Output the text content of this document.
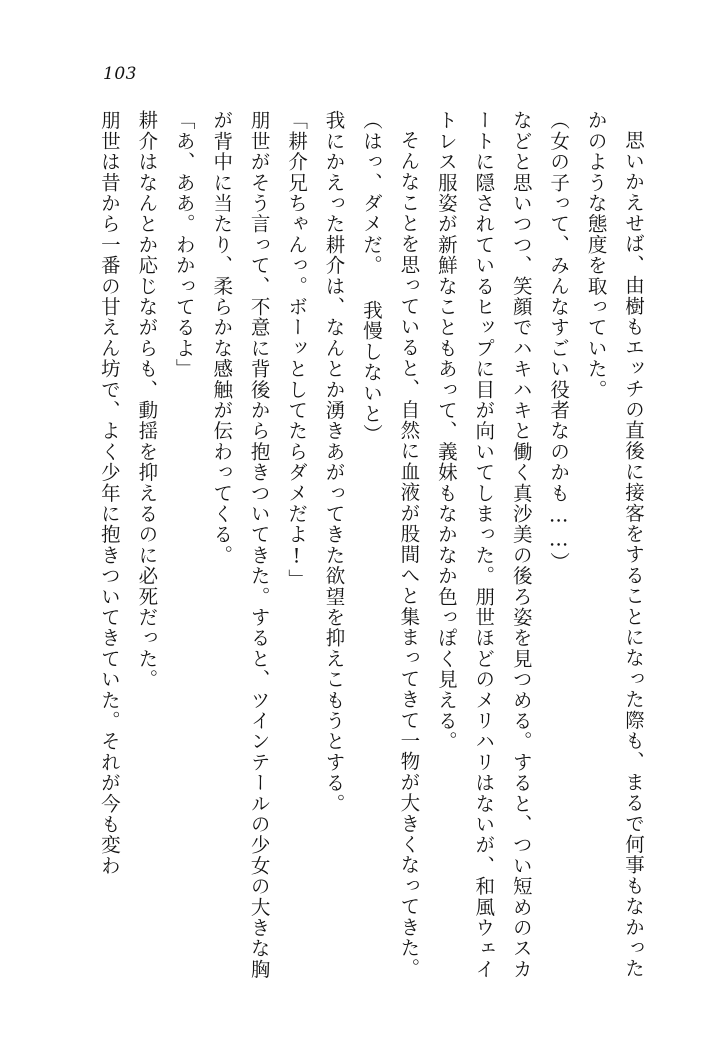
103

思いかえせば、由樹もエッチの直後に接客をすることになった際も、まるで何事もなかったかのような態度を取っていた。

（女の子って、みんなすごい役者なのかも……）

などと思いつつ、笑顔でハキハキと働く真沙美の後ろ姿を見つめる。すると、つい短めのスカートに隠されているヒップに目が向いてしまった。朋世ほどのメリハリはないが、和風ウェイトレス服姿が新鮮なこともあって、義妹もなかなか色っぽく見える。

そんなことを思っていると、自然に血液が股間へと集まってきて一物が大きくなってきた。

（はっ、ダメだ。 我慢しないと）

我にかえった耕介は、なんとか湧きあがってきた欲望を抑えこもうとする。

「耕介兄ちゃんっ。ボーッとしてたらダメだよ!」

朋世がそう言って、不意に背後から抱きついてきた。すると、ツインテールの少女の大きな胸が背中に当たり、柔らかな感触が伝わってくる。

「あ、ああ。わかってるよ」

耕介はなんとか応じながらも、動揺を抑えるのに必死だった。

朋世は昔から一番の甘えん坊で、よく少年に抱きついてきていた。それが今も変わ
